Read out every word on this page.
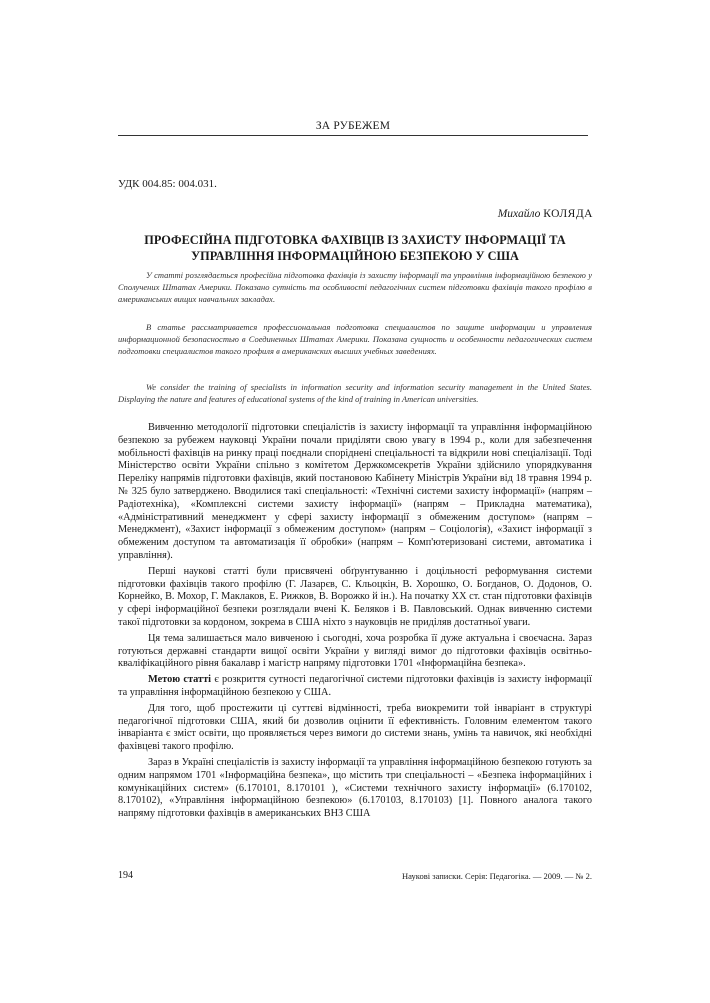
ЗА РУБЕЖЕМ
УДК 004.85: 004.031.
Михайло КОЛЯДА
ПРОФЕСІЙНА ПІДГОТОВКА ФАХІВЦІВ ІЗ ЗАХИСТУ ІНФОРМАЦІЇ ТА УПРАВЛІННЯ ІНФОРМАЦІЙНОЮ БЕЗПЕКОЮ У США

У статті розглядається професійна підготовка фахівців із захисту інформації та управління інформаційною безпекою у Сполучених Штатах Америки. Показано сутність та особливості педагогічних систем підготовки фахівців такого профілю в американських вищих навчальних закладах.

В статье рассматривается профессиональная подготовка специалистов по защите информации и управления информационной безопасностью в Соединенных Штатах Америки. Показана сущность и особенности педагогических систем подготовки специалистов такого профиля в американских высших учебных заведениях.

We consider the training of specialists in information security and information security management in the United States. Displaying the nature and features of educational systems of the kind of training in American universities.

Вивченню методології підготовки спеціалістів із захисту інформації та управління інформаційною безпекою за рубежем науковці України почали приділяти свою увагу в 1994 р., коли для забезпечення мобільності фахівців на ринку праці поєднали споріднені спеціальності та відкрили нові спеціалізації. Тоді Міністерство освіти України спільно з комітетом Держкомсекретів України здійснило упорядкування Переліку напрямів підготовки фахівців, який постановою Кабінету Міністрів України від 18 травня 1994 р. № 325 було затверджено. Вводилися такі спеціальності: «Технічні системи захисту інформації» (напрям – Радіотехніка), «Комплексні системи захисту інформації» (напрям – Прикладна математика), «Адміністративний менеджмент у сфері захисту інформації з обмеженим доступом» (напрям – Менеджмент), «Захист інформації з обмеженим доступом» (напрям – Соціологія), «Захист інформації з обмеженим доступом та автоматизація її обробки» (напрям – Комп'ютеризовані системи, автоматика і управління).

Перші наукові статті були присвячені обґрунтуванню і доцільності реформування системи підготовки фахівців такого профілю (Г. Лазарєв, С. Кльоцкін, В. Хорошко, О. Богданов, О. Додонов, О. Корнейко, В. Мохор, Г. Маклаков, Е. Рижков, В. Ворожко й ін.). На початку ХХ ст. стан підготовки фахівців у сфері інформаційної безпеки розглядали вчені К. Беляков і В. Павловський. Однак вивченню системи такої підготовки за кордоном, зокрема в США ніхто з науковців не приділяв достатньої уваги.

Ця тема залишається мало вивченою і сьогодні, хоча розробка її дуже актуальна і своєчасна. Зараз готуються державні стандарти вищої освіти України у вигляді вимог до підготовки фахівців освітньо-кваліфікаційного рівня бакалавр і магістр напряму підготовки 1701 «Інформаційна безпека».

Метою статті є розкриття сутності педагогічної системи підготовки фахівців із захисту інформації та управління інформаційною безпекою у США.

Для того, щоб простежити ці суттєві відмінності, треба виокремити той інваріант в структурі педагогічної підготовки США, який би дозволив оцінити її ефективність. Головним елементом такого інваріанта є зміст освіти, що проявляється через вимоги до системи знань, умінь та навичок, які необхідні фахівцеві такого профілю.

Зараз в Україні спеціалістів із захисту інформації та управління інформаційною безпекою готують за одним напрямом 1701 «Інформаційна безпека», що містить три спеціальності – «Безпека інформаційних і комунікаційних систем» (6.170101, 8.170101 ), «Системи технічного захисту інформації» (6.170102, 8.170102), «Управління інформаційною безпекою» (6.170103, 8.170103) [1]. Повного аналога такого напряму підготовки фахівців в американських ВНЗ США

194	Наукові записки. Серія: Педагогіка. — 2009. — № 2.
